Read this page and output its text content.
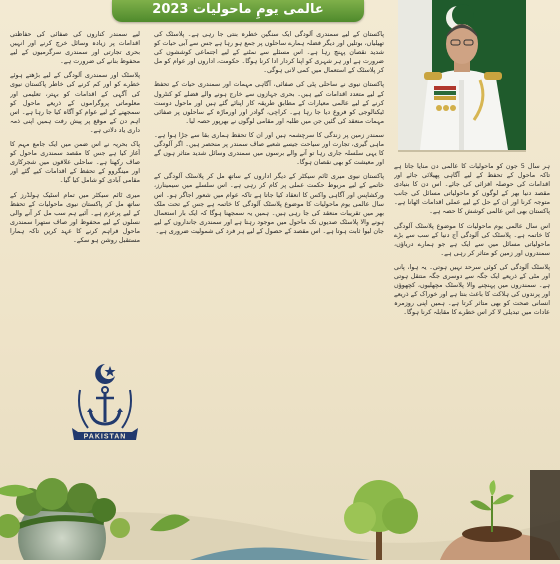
عالمی یومِ ماحولیات 2023

ہر سال 5 جون کو ماحولیات کا عالمی دن منایا جاتا ہے تاکہ ماحول کے تحفظ کے لیے آگاہی پھیلائی جائے اور اقدامات کی حوصلہ افزائی کی جائے۔ اس دن کا بنیادی مقصد دنیا بھر کے لوگوں کو ماحولیاتی مسائل کی جانب متوجہ کرنا اور ان کے حل کے لیے عملی اقدامات اٹھانا ہے۔ پاکستان بھی اس عالمی کوشش کا حصہ ہے۔

اس سال عالمی یوم ماحولیات کا موضوع پلاسٹک آلودگی کا خاتمہ ہے۔ پلاسٹک کی آلودگی آج دنیا کے سب سے بڑے ماحولیاتی مسائل میں سے ایک ہے جو ہمارے دریاؤں، سمندروں اور زمین کو متاثر کر رہی ہے۔

پلاسٹک آلودگی کی کوئی سرحد نہیں ہوتی۔ یہ ہوا، پانی اور مٹی کے ذریعے ایک جگہ سے دوسری جگہ منتقل ہوتی ہے۔ سمندروں میں پہنچنے والا پلاسٹک مچھلیوں، کچھوؤں اور پرندوں کی ہلاکت کا باعث بنتا ہے اور خوراک کے ذریعے انسانی صحت کو بھی متاثر کرتا ہے۔ ہمیں اپنی روزمرہ عادات میں تبدیلی لا کر اس خطرے کا مقابلہ کرنا ہوگا۔

پاکستان کے لیے سمندری آلودگی ایک سنگین خطرہ بنتی جا رہی ہے۔ پلاسٹک کی تھیلیاں، بوتلیں اور دیگر فضلہ ہمارے ساحلوں پر جمع ہو رہا ہے جس سے آبی حیات کو شدید نقصان پہنچ رہا ہے۔ اس مسئلے سے نمٹنے کے لیے اجتماعی کوششوں کی ضرورت ہے اور ہر شہری کو اپنا کردار ادا کرنا ہوگا۔ حکومت، اداروں اور عوام کو مل کر پلاسٹک کے استعمال میں کمی لانی ہوگی۔

پاکستان نیوی نے ساحلی پٹی کی صفائی، آگاہی مہمات اور سمندری حیات کے تحفظ کے لیے متعدد اقدامات کیے ہیں۔ بحری جہازوں سے خارج ہونے والے فضلے کو کنٹرول کرنے کے لیے عالمی معیارات کے مطابق طریقہ کار اپنائے گئے ہیں اور ماحول دوست ٹیکنالوجی کو فروغ دیا جا رہا ہے۔ کراچی، گوادر اور اورماڑہ کے ساحلوں پر صفائی مہمات منعقد کی گئیں جن میں طلبہ اور مقامی لوگوں نے بھرپور حصہ لیا۔

سمندر زمین پر زندگی کا سرچشمہ ہیں اور ان کا تحفظ ہماری بقا سے جڑا ہوا ہے۔ ماہی گیری، تجارت اور سیاحت جیسے شعبے صاف سمندر پر منحصر ہیں۔ اگر آلودگی کا یہی سلسلہ جاری رہا تو آنے والے برسوں میں سمندری وسائل شدید متاثر ہوں گے اور معیشت کو بھی نقصان ہوگا۔

پاکستان نیوی میری ٹائم سیکٹر کے دیگر اداروں کے ساتھ مل کر پلاسٹک آلودگی کے خاتمے کے لیے مربوط حکمت عملی پر کام کر رہی ہے۔ اس سلسلے میں سیمینارز، ورکشاپس اور آگاہی واکس کا انعقاد کیا جاتا ہے تاکہ عوام میں شعور اجاگر ہو۔ اس سال عالمی یوم ماحولیات کا موضوع پلاسٹک آلودگی کا خاتمہ ہے جس کے تحت ملک بھر میں تقریبات منعقد کی جا رہی ہیں۔ ہمیں یہ سمجھنا ہوگا کہ ایک بار استعمال ہونے والا پلاسٹک صدیوں تک ماحول میں موجود رہتا ہے اور سمندری جانداروں کے لیے جان لیوا ثابت ہوتا ہے۔ اس مقصد کے حصول کے لیے ہر فرد کی شمولیت ضروری ہے۔

لیے سمندر کناروں کی صفائی کی حفاظتی اقدامات پر زیادہ وسائل خرچ کرنے اور انہیں بحری تجارتی اور سمندری سرگرمیوں کے لیے محفوظ بنانے کی ضرورت ہے۔

پلاسٹک اور سمندری آلودگی کے لیے بڑھتے ہوئے خطرے کو اور کم کرنے کی خاطر پاکستان نیوی کی آگہی کے اقدامات کو بہتر، تعلیمی اور معلوماتی پروگراموں کے ذریعے ماحول کو سمجھنے کے لیے عوام کو آگاہ کیا جا رہا ہے۔ اس اہم دن کے موقع پر پیش رفت ہمیں اپنی ذمہ داری یاد دلاتی ہے۔

پاک بحریہ نے اس ضمن میں ایک جامع مہم کا آغاز کیا ہے جس کا مقصد سمندری ماحول کو صاف رکھنا ہے۔ ساحلی علاقوں میں شجرکاری اور مینگروو کے تحفظ کے اقدامات کیے گئے اور مقامی آبادی کو شامل کیا گیا۔

میری ٹائم سیکٹر میں تمام اسٹیک ہولڈرز کے ساتھ مل کر پاکستان نیوی ماحولیات کے تحفظ کے لیے پرعزم ہے۔ آئیے ہم سب مل کر آنے والی نسلوں کے لیے محفوظ اور صاف ستھرا سمندری ماحول فراہم کرنے کا عہد کریں تاکہ ہمارا مستقبل روشن ہو سکے۔

PAKISTAN
